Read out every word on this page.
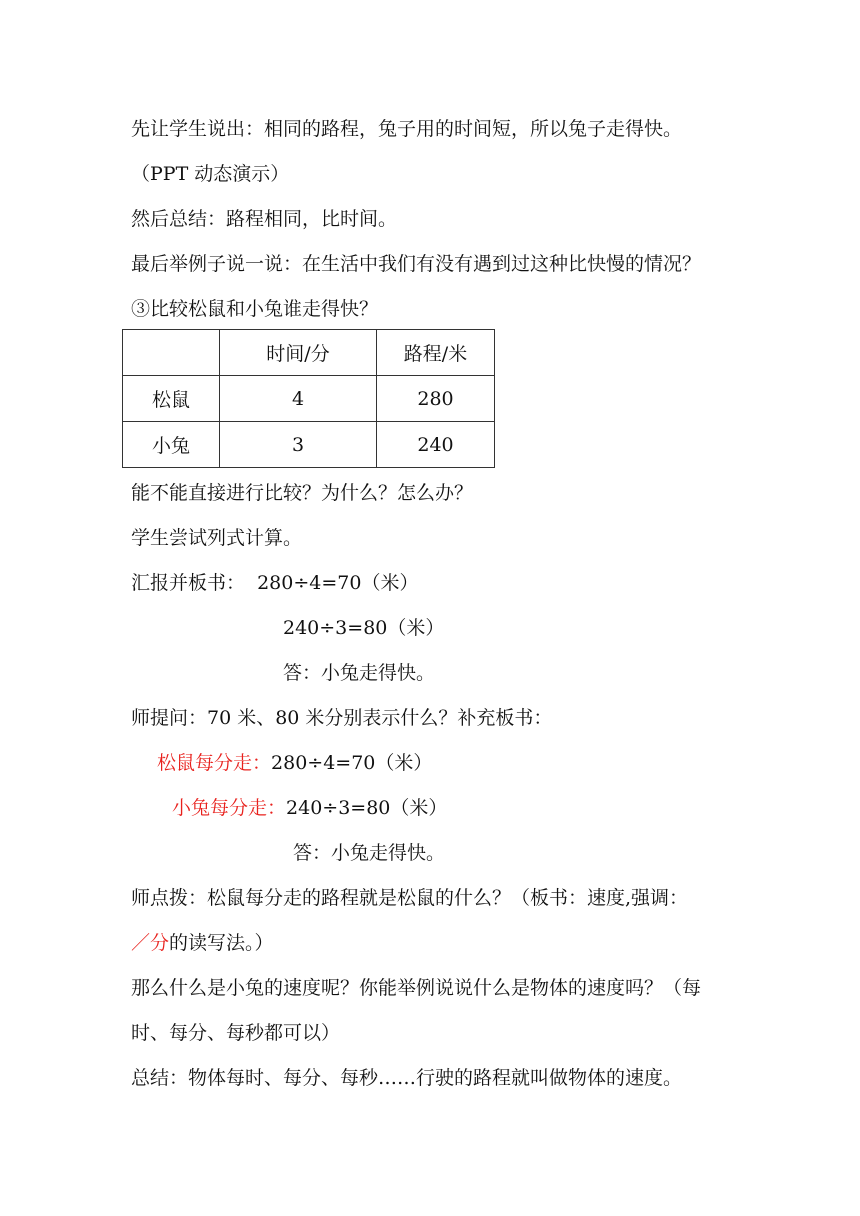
先让学生说出：相同的路程，兔子用的时间短，所以兔子走得快。
（PPT 动态演示）
然后总结：路程相同，比时间。
最后举例子说一说：在生活中我们有没有遇到过这种比快慢的情况？
③比较松鼠和小兔谁走得快？
	时间/分	路程/米
松鼠	4	280
小兔	3	240
能不能直接进行比较？为什么？怎么办？
学生尝试列式计算。
汇报并板书：  280÷4=70（米）
240÷3=80（米）
答：小兔走得快。
师提问：70 米、80 米分别表示什么？补充板书：
松鼠每分走：280÷4=70（米）
小兔每分走：240÷3=80（米）
答：小兔走得快。
师点拨：松鼠每分走的路程就是松鼠的什么？（板书：速度,强调：
／分的读写法。）
那么什么是小兔的速度呢？你能举例说说什么是物体的速度吗？（每
时、每分、每秒都可以）
总结：物体每时、每分、每秒……行驶的路程就叫做物体的速度。
